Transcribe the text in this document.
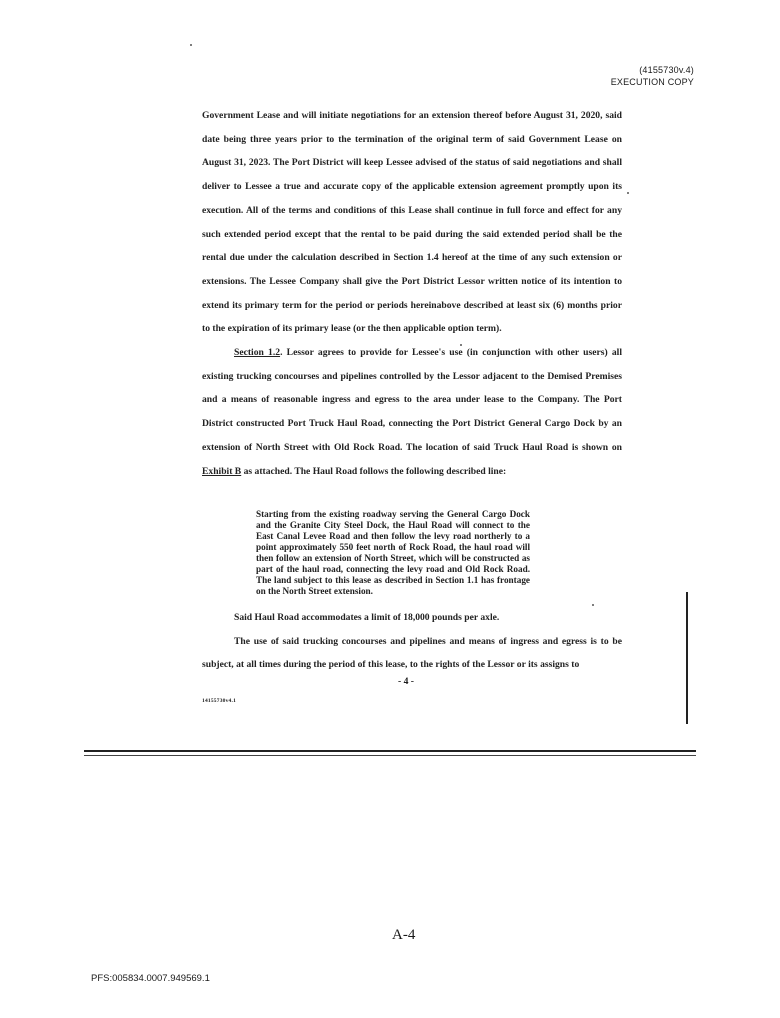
(4155730v.4)
EXECUTION COPY

Government Lease and will initiate negotiations for an extension thereof before August 31, 2020, said date being three years prior to the termination of the original term of said Government Lease on August 31, 2023. The Port District will keep Lessee advised of the status of said negotiations and shall deliver to Lessee a true and accurate copy of the applicable extension agreement promptly upon its execution. All of the terms and conditions of this Lease shall continue in full force and effect for any such extended period except that the rental to be paid during the said extended period shall be the rental due under the calculation described in Section 1.4 hereof at the time of any such extension or extensions. The Lessee Company shall give the Port District Lessor written notice of its intention to extend its primary term for the period or periods hereinabove described at least six (6) months prior to the expiration of its primary lease (or the then applicable option term).

Section 1.2. Lessor agrees to provide for Lessee's use (in conjunction with other users) all existing trucking concourses and pipelines controlled by the Lessor adjacent to the Demised Premises and a means of reasonable ingress and egress to the area under lease to the Company. The Port District constructed Port Truck Haul Road, connecting the Port District General Cargo Dock by an extension of North Street with Old Rock Road. The location of said Truck Haul Road is shown on Exhibit B as attached. The Haul Road follows the following described line:

Starting from the existing roadway serving the General Cargo Dock and the Granite City Steel Dock, the Haul Road will connect to the East Canal Levee Road and then follow the levy road northerly to a point approximately 550 feet north of Rock Road, the haul road will then follow an extension of North Street, which will be constructed as part of the haul road, connecting the levy road and Old Rock Road. The land subject to this lease as described in Section 1.1 has frontage on the North Street extension.

Said Haul Road accommodates a limit of 18,000 pounds per axle.

The use of said trucking concourses and pipelines and means of ingress and egress is to be subject, at all times during the period of this lease, to the rights of the Lessor or its assigns to

- 4 -
14155730v4.1
A-4
PFS:005834.0007.949569.1
